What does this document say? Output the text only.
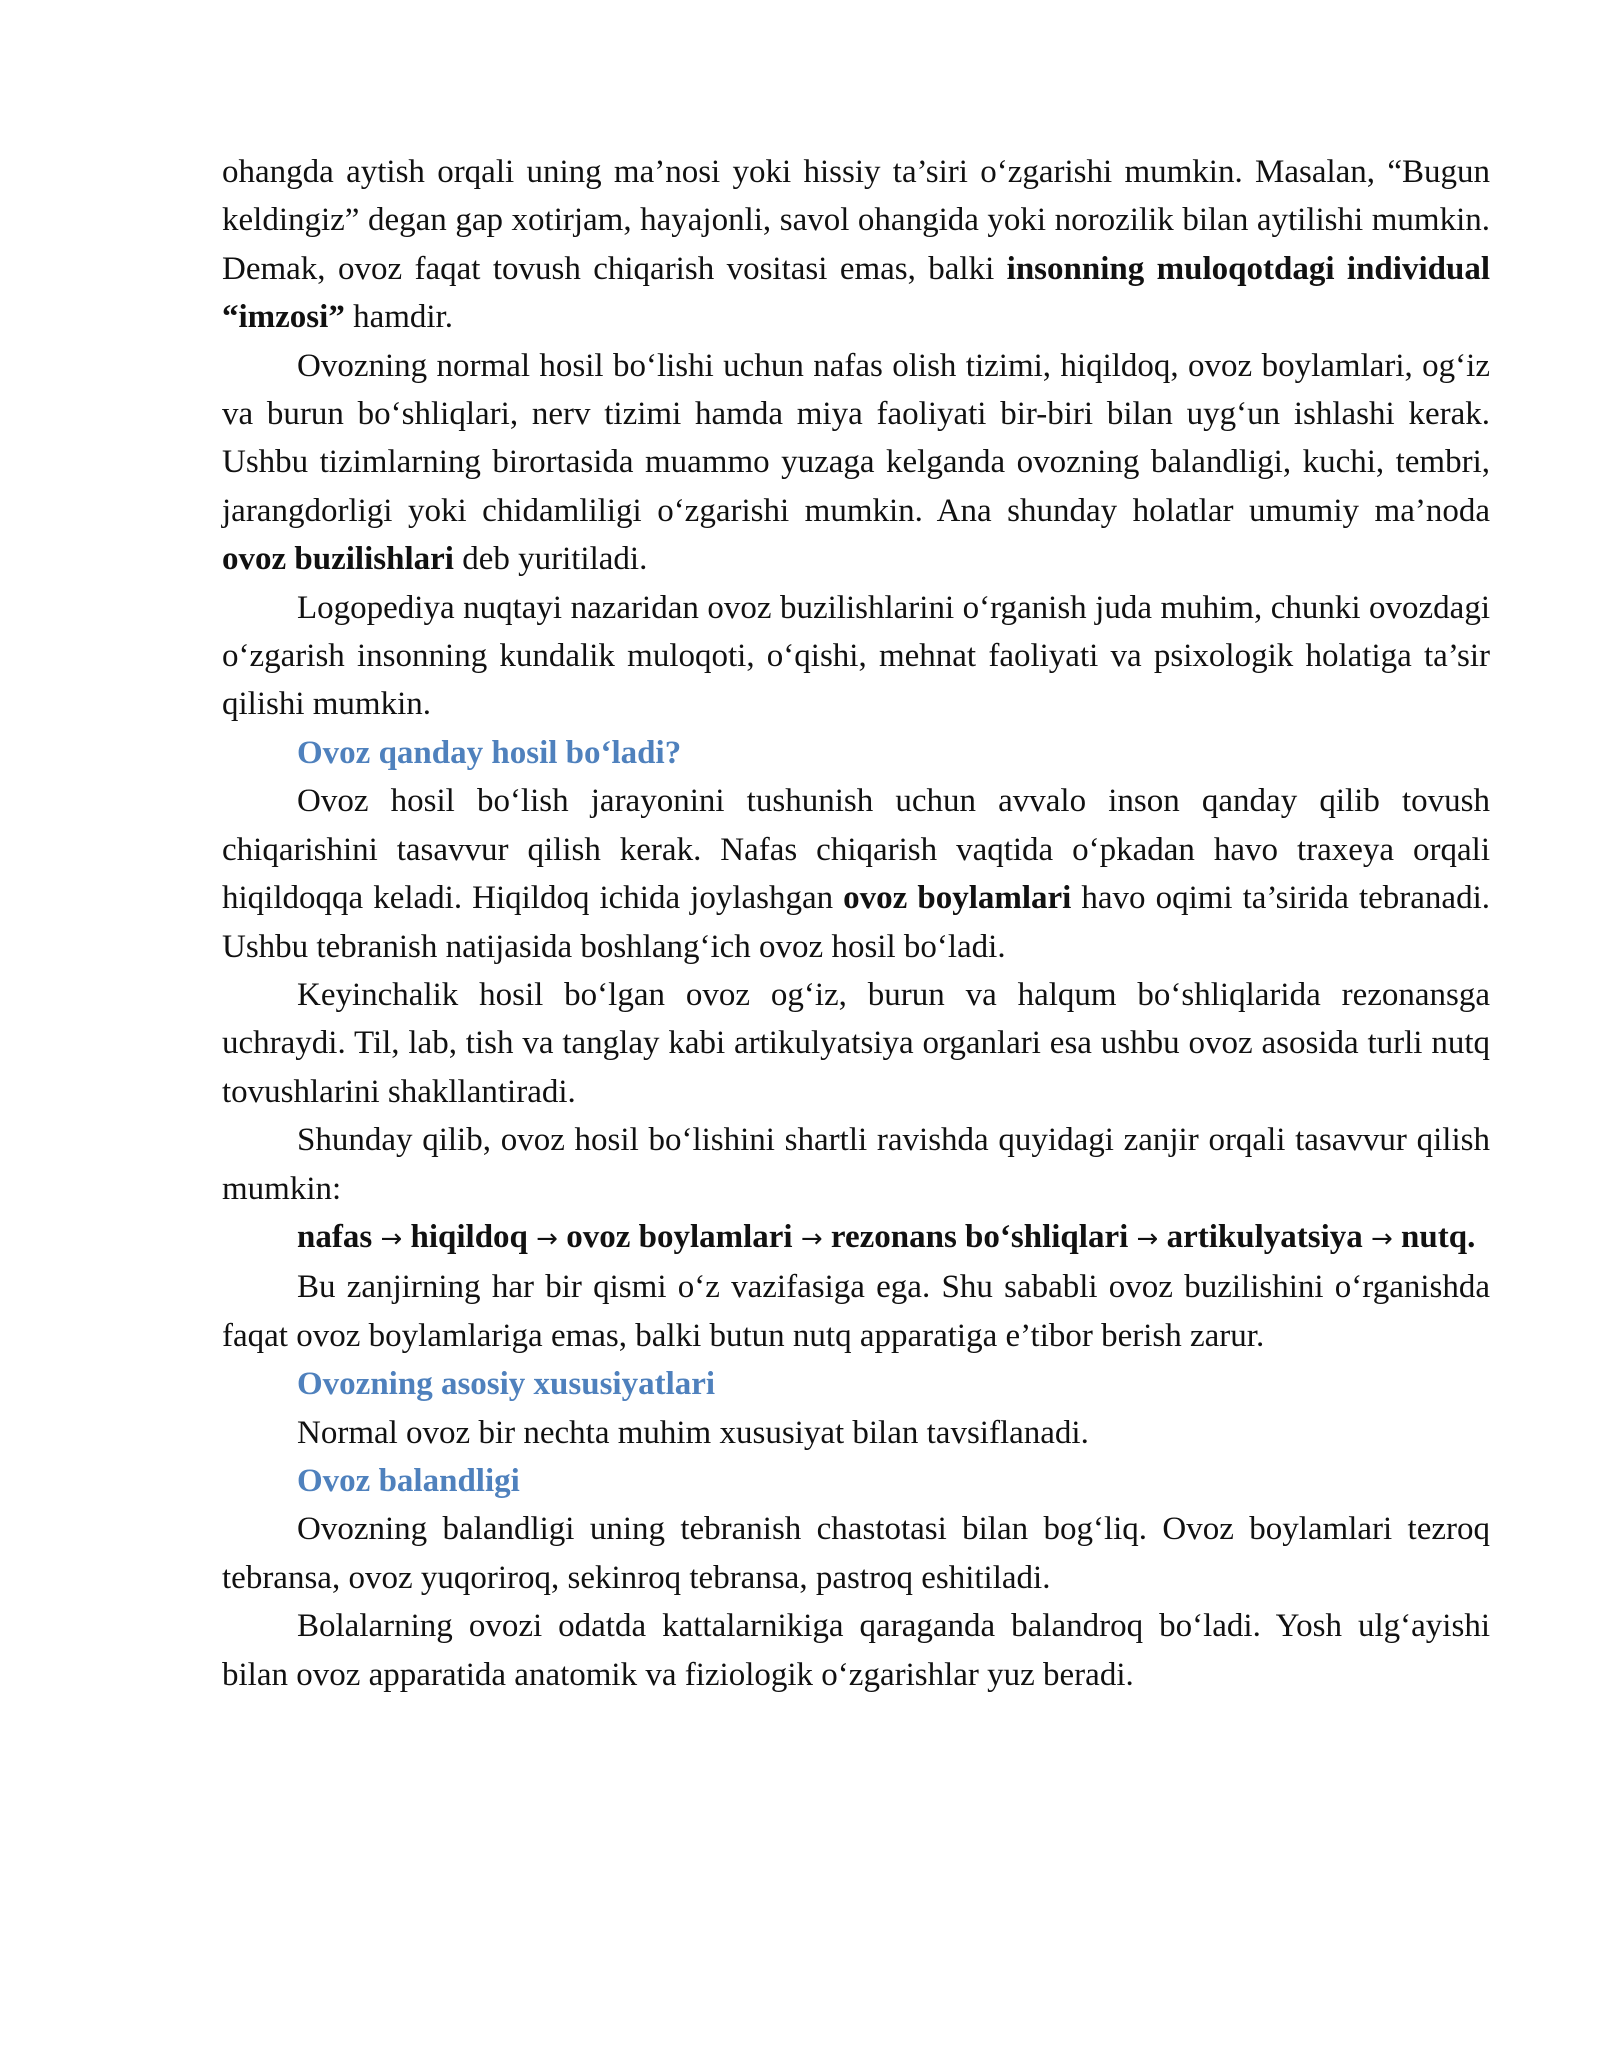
ohangda aytish orqali uning ma’nosi yoki hissiy ta’siri o‘zgarishi mumkin. Masalan, “Bugun keldingiz” degan gap xotirjam, hayajonli, savol ohangida yoki norozilik bilan aytilishi mumkin. Demak, ovoz faqat tovush chiqarish vositasi emas, balki insonning muloqotdagi individual “imzosi” hamdir.

Ovozning normal hosil bo‘lishi uchun nafas olish tizimi, hiqildoq, ovoz boylamlari, og‘iz va burun bo‘shliqlari, nerv tizimi hamda miya faoliyati bir-biri bilan uyg‘un ishlashi kerak. Ushbu tizimlarning birortasida muammo yuzaga kelganda ovozning balandligi, kuchi, tembri, jarangdorligi yoki chidamliligi o‘zgarishi mumkin. Ana shunday holatlar umumiy ma’noda ovoz buzilishlari deb yuritiladi.

Logopediya nuqtayi nazaridan ovoz buzilishlarini o‘rganish juda muhim, chunki ovozdagi o‘zgarish insonning kundalik muloqoti, o‘qishi, mehnat faoliyati va psixologik holatiga ta’sir qilishi mumkin.

Ovoz qanday hosil bo‘ladi?

Ovoz hosil bo‘lish jarayonini tushunish uchun avvalo inson qanday qilib tovush chiqarishini tasavvur qilish kerak. Nafas chiqarish vaqtida o‘pkadan havo traxeya orqali hiqildoqqa keladi. Hiqildoq ichida joylashgan ovoz boylamlari havo oqimi ta’sirida tebranadi. Ushbu tebranish natijasida boshlang‘ich ovoz hosil bo‘ladi.

Keyinchalik hosil bo‘lgan ovoz og‘iz, burun va halqum bo‘shliqlarida rezonansga uchraydi. Til, lab, tish va tanglay kabi artikulyatsiya organlari esa ushbu ovoz asosida turli nutq tovushlarini shakllantiradi.

Shunday qilib, ovoz hosil bo‘lishini shartli ravishda quyidagi zanjir orqali tasavvur qilish mumkin:

nafas → hiqildoq → ovoz boylamlari → rezonans bo‘shliqlari → artikulyatsiya → nutq.

Bu zanjirning har bir qismi o‘z vazifasiga ega. Shu sababli ovoz buzilishini o‘rganishda faqat ovoz boylamlariga emas, balki butun nutq apparatiga e’tibor berish zarur.

Ovozning asosiy xususiyatlari

Normal ovoz bir nechta muhim xususiyat bilan tavsiflanadi.

Ovoz balandligi

Ovozning balandligi uning tebranish chastotasi bilan bog‘liq. Ovoz boylamlari tezroq tebransa, ovoz yuqoriroq, sekinroq tebransa, pastroq eshitiladi.

Bolalarning ovozi odatda kattalarnikiga qaraganda balandroq bo‘ladi. Yosh ulg‘ayishi bilan ovoz apparatida anatomik va fiziologik o‘zgarishlar yuz beradi.
